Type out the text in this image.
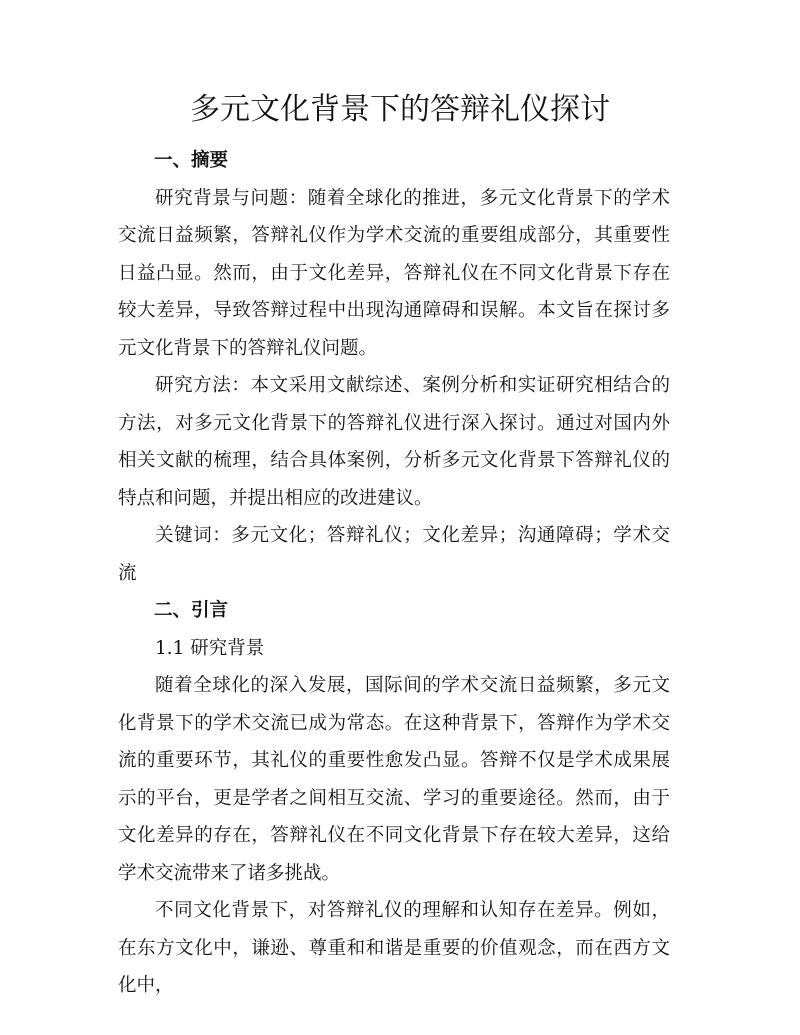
多元文化背景下的答辩礼仪探讨
一、摘要

研究背景与问题：随着全球化的推进，多元文化背景下的学术交流日益频繁，答辩礼仪作为学术交流的重要组成部分，其重要性日益凸显。然而，由于文化差异，答辩礼仪在不同文化背景下存在较大差异，导致答辩过程中出现沟通障碍和误解。本文旨在探讨多元文化背景下的答辩礼仪问题。

研究方法：本文采用文献综述、案例分析和实证研究相结合的方法，对多元文化背景下的答辩礼仪进行深入探讨。通过对国内外相关文献的梳理，结合具体案例，分析多元文化背景下答辩礼仪的特点和问题，并提出相应的改进建议。

关键词：多元文化；答辩礼仪；文化差异；沟通障碍；学术交流

二、引言

1.1 研究背景

随着全球化的深入发展，国际间的学术交流日益频繁，多元文化背景下的学术交流已成为常态。在这种背景下，答辩作为学术交流的重要环节，其礼仪的重要性愈发凸显。答辩不仅是学术成果展示的平台，更是学者之间相互交流、学习的重要途径。然而，由于文化差异的存在，答辩礼仪在不同文化背景下存在较大差异，这给学术交流带来了诸多挑战。

不同文化背景下，对答辩礼仪的理解和认知存在差异。例如，在东方文化中，谦逊、尊重和和谐是重要的价值观念，而在西方文化中，
